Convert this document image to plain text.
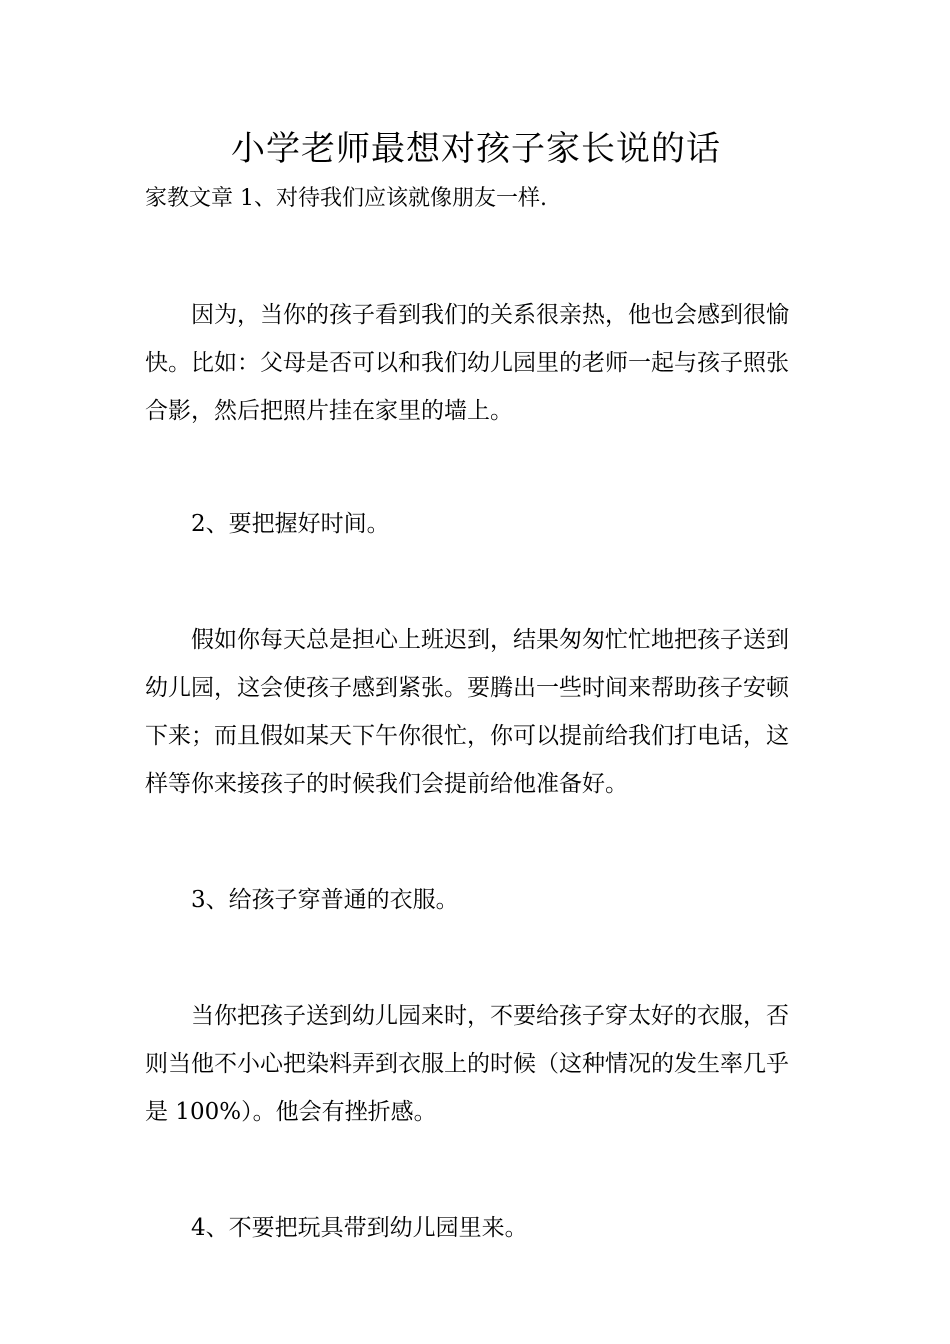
小学老师最想对孩子家长说的话

家教文章 1、对待我们应该就像朋友一样.

因为，当你的孩子看到我们的关系很亲热，他也会感到很愉快。比如：父母是否可以和我们幼儿园里的老师一起与孩子照张合影，然后把照片挂在家里的墙上。

2、要把握好时间。

假如你每天总是担心上班迟到，结果匆匆忙忙地把孩子送到幼儿园，这会使孩子感到紧张。要腾出一些时间来帮助孩子安顿下来；而且假如某天下午你很忙，你可以提前给我们打电话，这样等你来接孩子的时候我们会提前给他准备好。

3、给孩子穿普通的衣服。

当你把孩子送到幼儿园来时，不要给孩子穿太好的衣服，否则当他不小心把染料弄到衣服上的时候（这种情况的发生率几乎是 100%）。他会有挫折感。

4、不要把玩具带到幼儿园里来。
